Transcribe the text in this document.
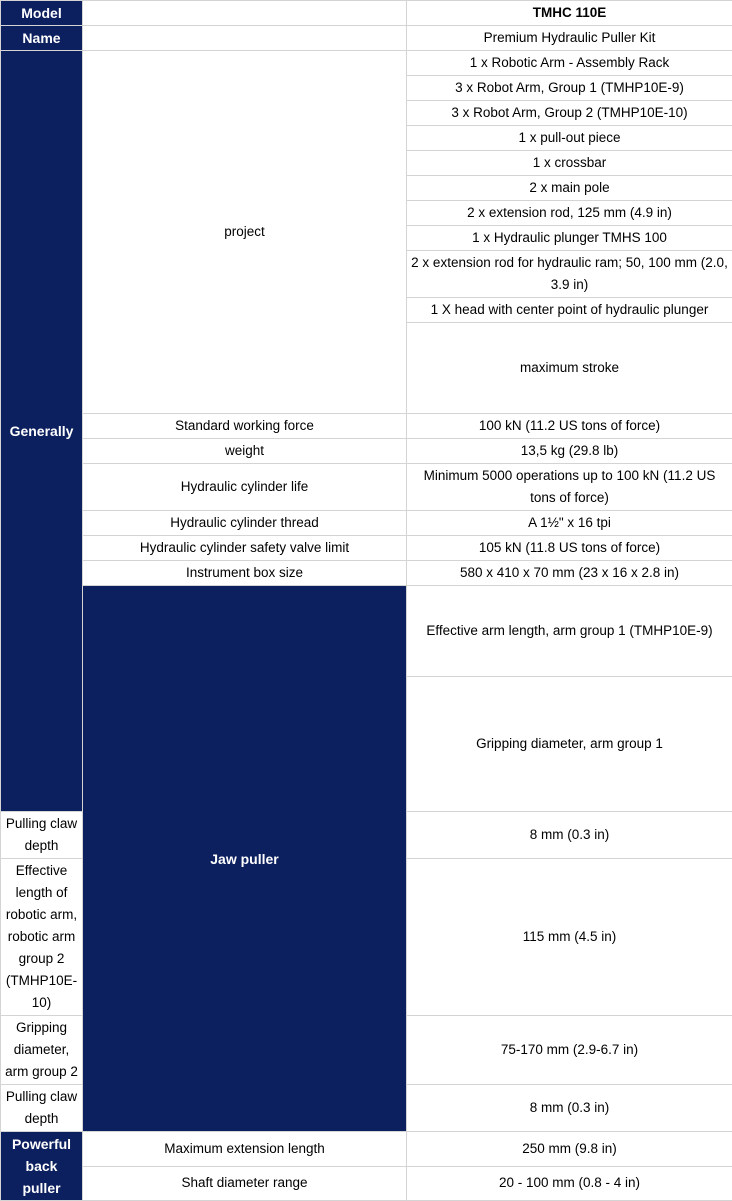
Model		TMHC 110E	
Name		Premium Hydraulic Puller Kit	
Generally	project	1 x Robotic Arm - Assembly Rack	
		3 x Robot Arm, Group 1 (TMHP10E-9)	
		3 x Robot Arm, Group 2 (TMHP10E-10)	
		1 x pull-out piece	
		1 x crossbar	
		2 x main pole	
		2 x extension rod, 125 mm (4.9 in)	
		1 x Hydraulic plunger TMHS 100	
		2 x extension rod for hydraulic ram; 50, 100 mm (2.0, 3.9 in)	
		1 X head with center point of hydraulic plunger	
		maximum stroke	
	Standard working force	100 kN (11.2 US tons of force)	
	weight	13,5 kg (29.8 lb)	
	Hydraulic cylinder life	Minimum 5000 operations up to 100 kN (11.2 US tons of force)	
	Hydraulic cylinder thread	A 1½" x 16 tpi	
	Hydraulic cylinder safety valve limit	105 kN (11.8 US tons of force)	
	Instrument box size	580 x 410 x 70 mm (23 x 16 x 2.8 in)	
	Jaw puller	Effective arm length, arm group 1 (TMHP10E-9)	
		Gripping diameter, arm group 1	
Pulling claw depth		8 mm (0.3 in)	
Effective length of robotic arm, robotic arm group 2 (TMHP10E-10)		115 mm (4.5 in)	
Gripping diameter, arm group 2		75-170 mm (2.9-6.7 in)	
Pulling claw depth		8 mm (0.3 in)	
Powerful back puller	Maximum extension length	250 mm (9.8 in)	
	Shaft diameter range	20 - 100 mm (0.8 - 4 in)	
